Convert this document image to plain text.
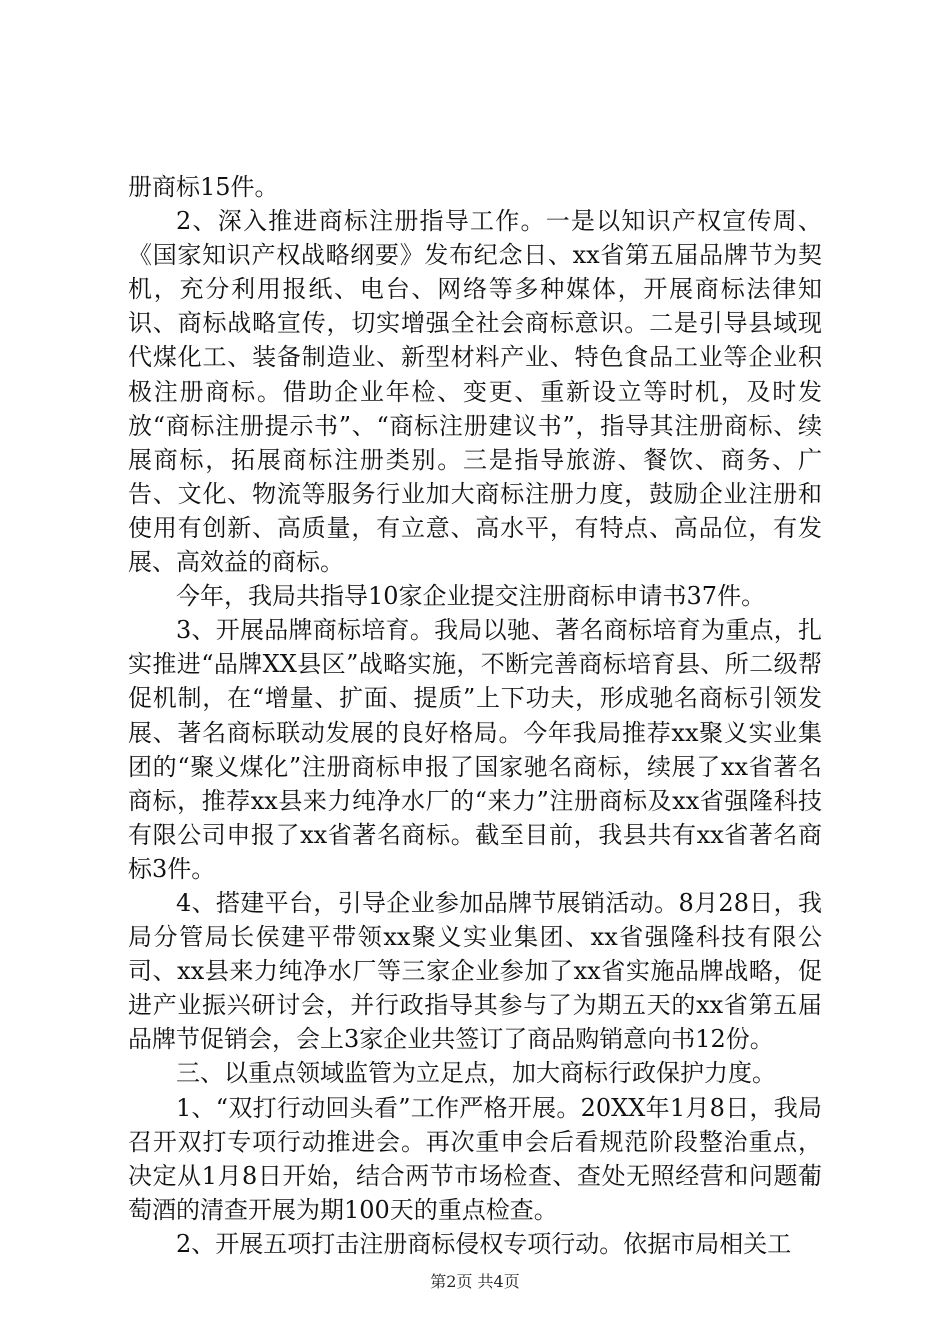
册商标15件。

2、深入推进商标注册指导工作。一是以知识产权宣传周、《国家知识产权战略纲要》发布纪念日、xx省第五届品牌节为契机，充分利用报纸、电台、网络等多种媒体，开展商标法律知识、商标战略宣传，切实增强全社会商标意识。二是引导县域现代煤化工、装备制造业、新型材料产业、特色食品工业等企业积极注册商标。借助企业年检、变更、重新设立等时机，及时发放“商标注册提示书”、“商标注册建议书”，指导其注册商标、续展商标，拓展商标注册类别。三是指导旅游、餐饮、商务、广告、文化、物流等服务行业加大商标注册力度，鼓励企业注册和使用有创新、高质量，有立意、高水平，有特点、高品位，有发展、高效益的商标。

今年，我局共指导10家企业提交注册商标申请书37件。

3、开展品牌商标培育。我局以驰、著名商标培育为重点，扎实推进“品牌XX县区”战略实施，不断完善商标培育县、所二级帮促机制，在“增量、扩面、提质”上下功夫，形成驰名商标引领发展、著名商标联动发展的良好格局。今年我局推荐xx聚义实业集团的“聚义煤化”注册商标申报了国家驰名商标，续展了xx省著名商标，推荐xx县来力纯净水厂的“来力”注册商标及xx省强隆科技有限公司申报了xx省著名商标。截至目前，我县共有xx省著名商标3件。

4、搭建平台，引导企业参加品牌节展销活动。8月28日，我局分管局长侯建平带领xx聚义实业集团、xx省强隆科技有限公司、xx县来力纯净水厂等三家企业参加了xx省实施品牌战略，促进产业振兴研讨会，并行政指导其参与了为期五天的xx省第五届品牌节促销会，会上3家企业共签订了商品购销意向书12份。

三、以重点领域监管为立足点，加大商标行政保护力度。

1、“双打行动回头看”工作严格开展。20XX年1月8日，我局召开双打专项行动推进会。再次重申会后看规范阶段整治重点，决定从1月8日开始，结合两节市场检查、查处无照经营和问题葡萄酒的清查开展为期100天的重点检查。

2、开展五项打击注册商标侵权专项行动。依据市局相关工

第2页 共4页
